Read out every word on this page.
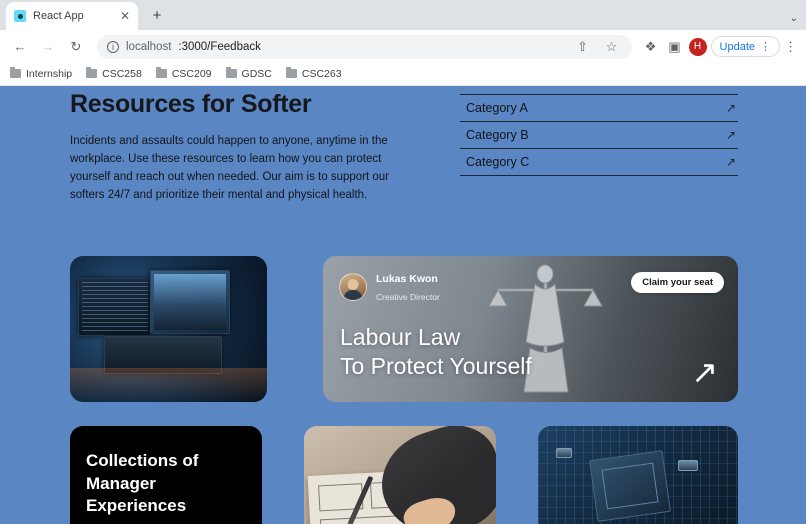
React App	✕	+	⌄
←	→	↻	i	localhost :3000/Feedback	⇧	☆	❖ ▣	H	Update ⋮ ⋮
Internship	CSC258	CSC209	GDSC	CSC263
Resources for Softer
Incidents and assaults could happen to anyone, anytime in the workplace. Use these resources to learn how you can protect yourself and reach out when needed. Our aim is to support our softers 24/7 and prioritize their mental and physical health.
Category A	↗
Category B	↗
Category C	↗
Lukas Kwon
Creative Director
Claim your seat
Labour Law
To Protect Yourself	↗
Collections of
Manager
Experiences
